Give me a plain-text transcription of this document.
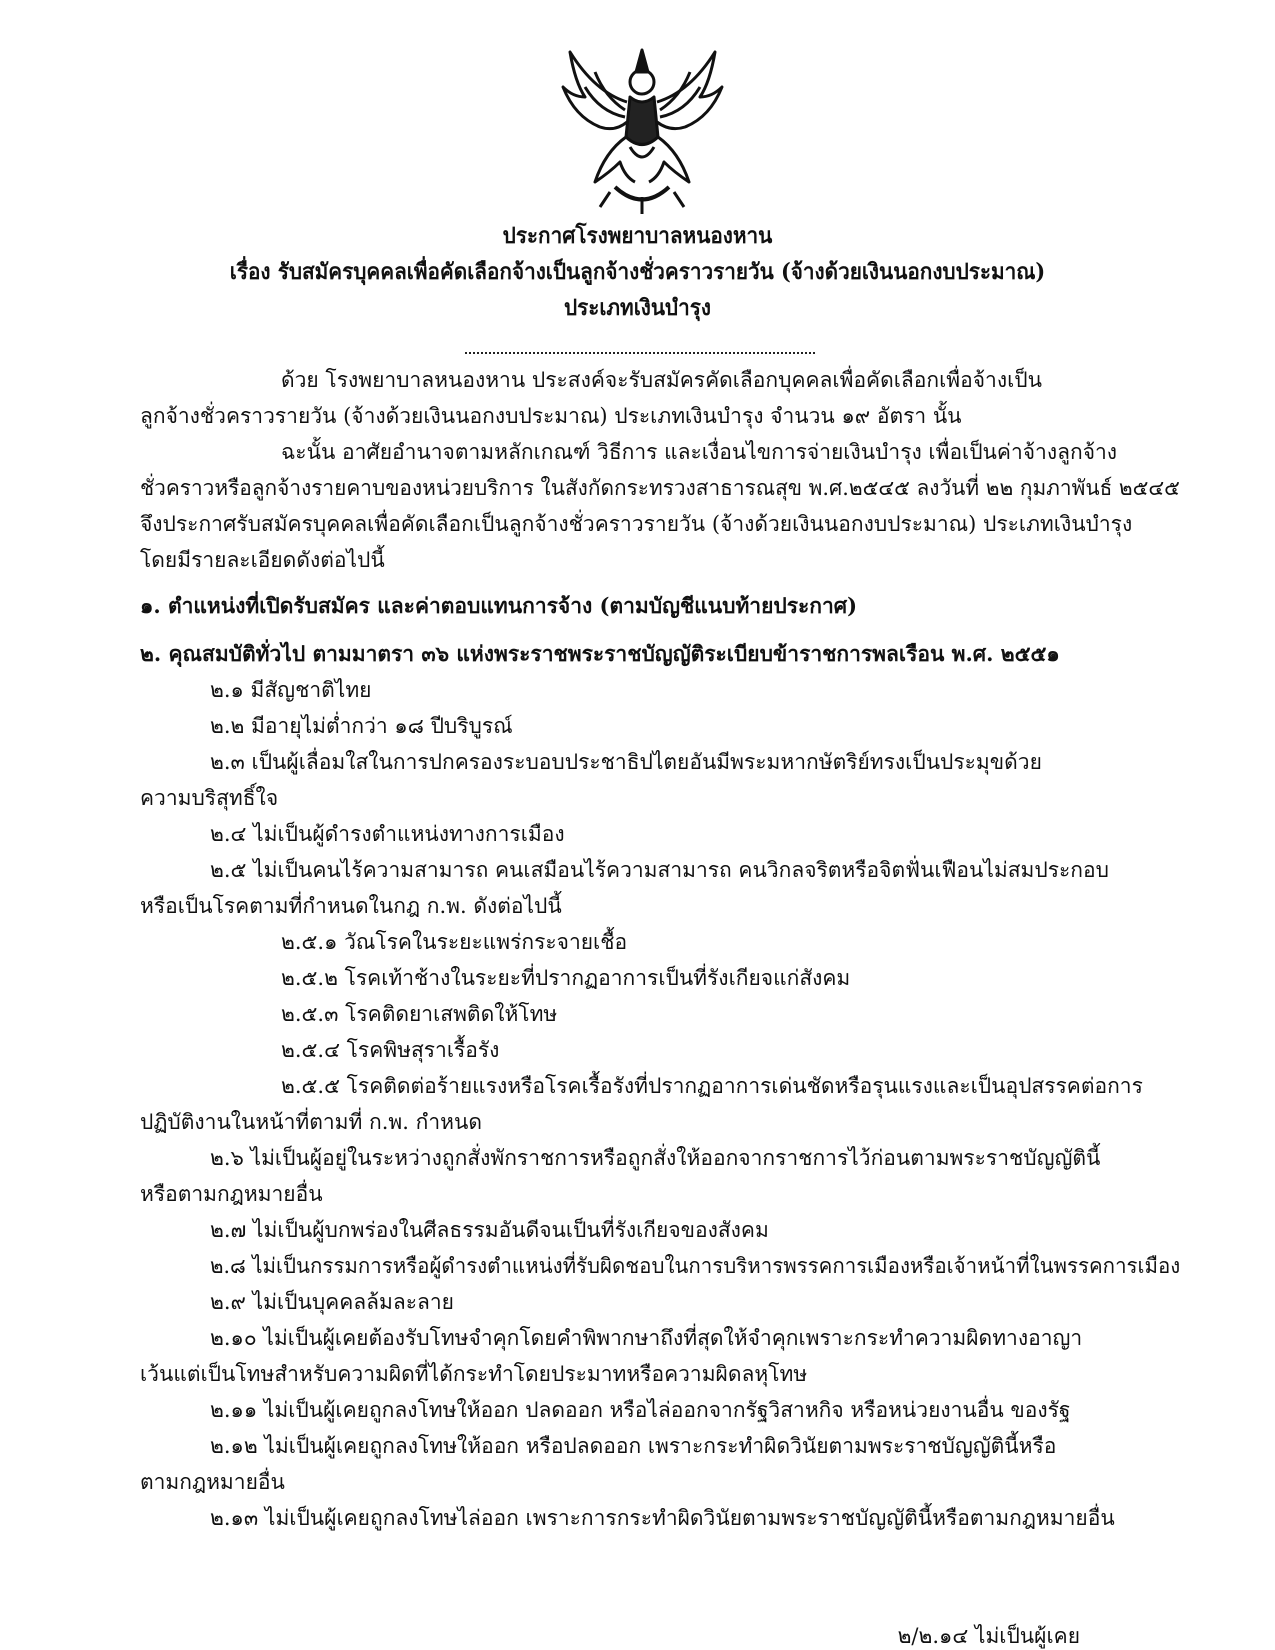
ประกาศโรงพยาบาลหนองหาน
เรื่อง รับสมัครบุคคลเพื่อคัดเลือกจ้างเป็นลูกจ้างชั่วคราวรายวัน (จ้างด้วยเงินนอกงบประมาณ)
ประเภทเงินบำรุง
ด้วย โรงพยาบาลหนองหาน ประสงค์จะรับสมัครคัดเลือกบุคคลเพื่อคัดเลือกเพื่อจ้างเป็น
ลูกจ้างชั่วคราวรายวัน (จ้างด้วยเงินนอกงบประมาณ) ประเภทเงินบำรุง จำนวน ๑๙ อัตรา นั้น
ฉะนั้น อาศัยอำนาจตามหลักเกณฑ์ วิธีการ และเงื่อนไขการจ่ายเงินบำรุง เพื่อเป็นค่าจ้างลูกจ้าง
ชั่วคราวหรือลูกจ้างรายคาบของหน่วยบริการ ในสังกัดกระทรวงสาธารณสุข พ.ศ.๒๕๔๕ ลงวันที่ ๒๒ กุมภาพันธ์ ๒๕๔๕
จึงประกาศรับสมัครบุคคลเพื่อคัดเลือกเป็นลูกจ้างชั่วคราวรายวัน (จ้างด้วยเงินนอกงบประมาณ) ประเภทเงินบำรุง
โดยมีรายละเอียดดังต่อไปนี้
๑. ตำแหน่งที่เปิดรับสมัคร และค่าตอบแทนการจ้าง (ตามบัญชีแนบท้ายประกาศ)
๒. คุณสมบัติทั่วไป ตามมาตรา ๓๖ แห่งพระราชพระราชบัญญัติระเบียบข้าราชการพลเรือน พ.ศ. ๒๕๕๑
๒.๑ มีสัญชาติไทย
๒.๒ มีอายุไม่ต่ำกว่า ๑๘ ปีบริบูรณ์
๒.๓ เป็นผู้เลื่อมใสในการปกครองระบอบประชาธิปไตยอันมีพระมหากษัตริย์ทรงเป็นประมุขด้วย
ความบริสุทธิ์ใจ
๒.๔ ไม่เป็นผู้ดำรงตำแหน่งทางการเมือง
๒.๕ ไม่เป็นคนไร้ความสามารถ คนเสมือนไร้ความสามารถ คนวิกลจริตหรือจิตฟั่นเฟือนไม่สมประกอบ
หรือเป็นโรคตามที่กำหนดในกฎ ก.พ. ดังต่อไปนี้
๒.๕.๑ วัณโรคในระยะแพร่กระจายเชื้อ
๒.๕.๒ โรคเท้าช้างในระยะที่ปรากฏอาการเป็นที่รังเกียจแก่สังคม
๒.๕.๓ โรคติดยาเสพติดให้โทษ
๒.๕.๔ โรคพิษสุราเรื้อรัง
๒.๕.๕ โรคติดต่อร้ายแรงหรือโรคเรื้อรังที่ปรากฏอาการเด่นชัดหรือรุนแรงและเป็นอุปสรรคต่อการ
ปฏิบัติงานในหน้าที่ตามที่ ก.พ. กำหนด
๒.๖ ไม่เป็นผู้อยู่ในระหว่างถูกสั่งพักราชการหรือถูกสั่งให้ออกจากราชการไว้ก่อนตามพระราชบัญญัตินี้
หรือตามกฎหมายอื่น
๒.๗ ไม่เป็นผู้บกพร่องในศีลธรรมอันดีจนเป็นที่รังเกียจของสังคม
๒.๘ ไม่เป็นกรรมการหรือผู้ดำรงตำแหน่งที่รับผิดชอบในการบริหารพรรคการเมืองหรือเจ้าหน้าที่ในพรรคการเมือง
๒.๙ ไม่เป็นบุคคลล้มละลาย
๒.๑๐ ไม่เป็นผู้เคยต้องรับโทษจำคุกโดยคำพิพากษาถึงที่สุดให้จำคุกเพราะกระทำความผิดทางอาญา
เว้นแต่เป็นโทษสำหรับความผิดที่ได้กระทำโดยประมาทหรือความผิดลหุโทษ
๒.๑๑ ไม่เป็นผู้เคยถูกลงโทษให้ออก ปลดออก หรือไล่ออกจากรัฐวิสาหกิจ หรือหน่วยงานอื่น ของรัฐ
๒.๑๒ ไม่เป็นผู้เคยถูกลงโทษให้ออก หรือปลดออก เพราะกระทำผิดวินัยตามพระราชบัญญัตินี้หรือ
ตามกฎหมายอื่น
๒.๑๓ ไม่เป็นผู้เคยถูกลงโทษไล่ออก เพราะการกระทำผิดวินัยตามพระราชบัญญัตินี้หรือตามกฎหมายอื่น
๒/๒.๑๔ ไม่เป็นผู้เคย
